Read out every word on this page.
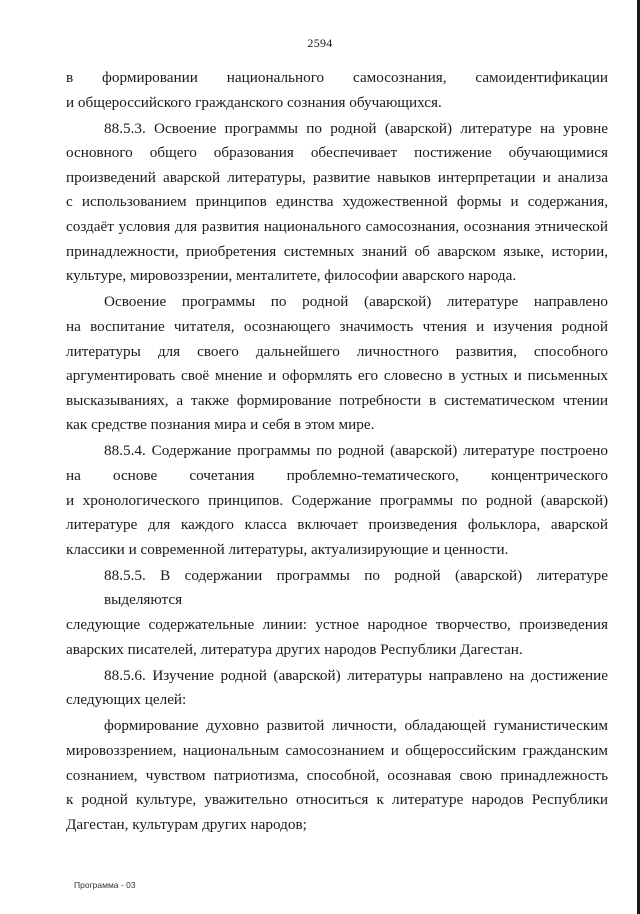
2594
в формировании национального самосознания, самоидентификации
и общероссийского гражданского сознания обучающихся.
88.5.3. Освоение программы по родной (аварской) литературе на уровне
основного общего образования обеспечивает постижение обучающимися
произведений аварской литературы, развитие навыков интерпретации и анализа
с использованием принципов единства художественной формы и содержания,
создаёт условия для развития национального самосознания, осознания этнической
принадлежности, приобретения системных знаний об аварском языке, истории,
культуре, мировоззрении, менталитете, философии аварского народа.
Освоение программы по родной (аварской) литературе направлено
на воспитание читателя, осознающего значимость чтения и изучения родной
литературы для своего дальнейшего личностного развития, способного
аргументировать своё мнение и оформлять его словесно в устных и письменных
высказываниях, а также формирование потребности в систематическом чтении
как средстве познания мира и себя в этом мире.
88.5.4. Содержание программы по родной (аварской) литературе построено
на основе сочетания проблемно-тематического, концентрического
и хронологического принципов. Содержание программы по родной (аварской)
литературе для каждого класса включает произведения фольклора, аварской
классики и современной литературы, актуализирующие и ценности.
88.5.5. В содержании программы по родной (аварской) литературе выделяются
следующие содержательные линии: устное народное творчество, произведения
аварских писателей, литература других народов Республики Дагестан.
88.5.6. Изучение родной (аварской) литературы направлено на достижение
следующих целей:
формирование духовно развитой личности, обладающей гуманистическим
мировоззрением, национальным самосознанием и общероссийским гражданским
сознанием, чувством патриотизма, способной, осознавая свою принадлежность
к родной культуре, уважительно относиться к литературе народов Республики
Дагестан, культурам других народов;
Программа - 03
